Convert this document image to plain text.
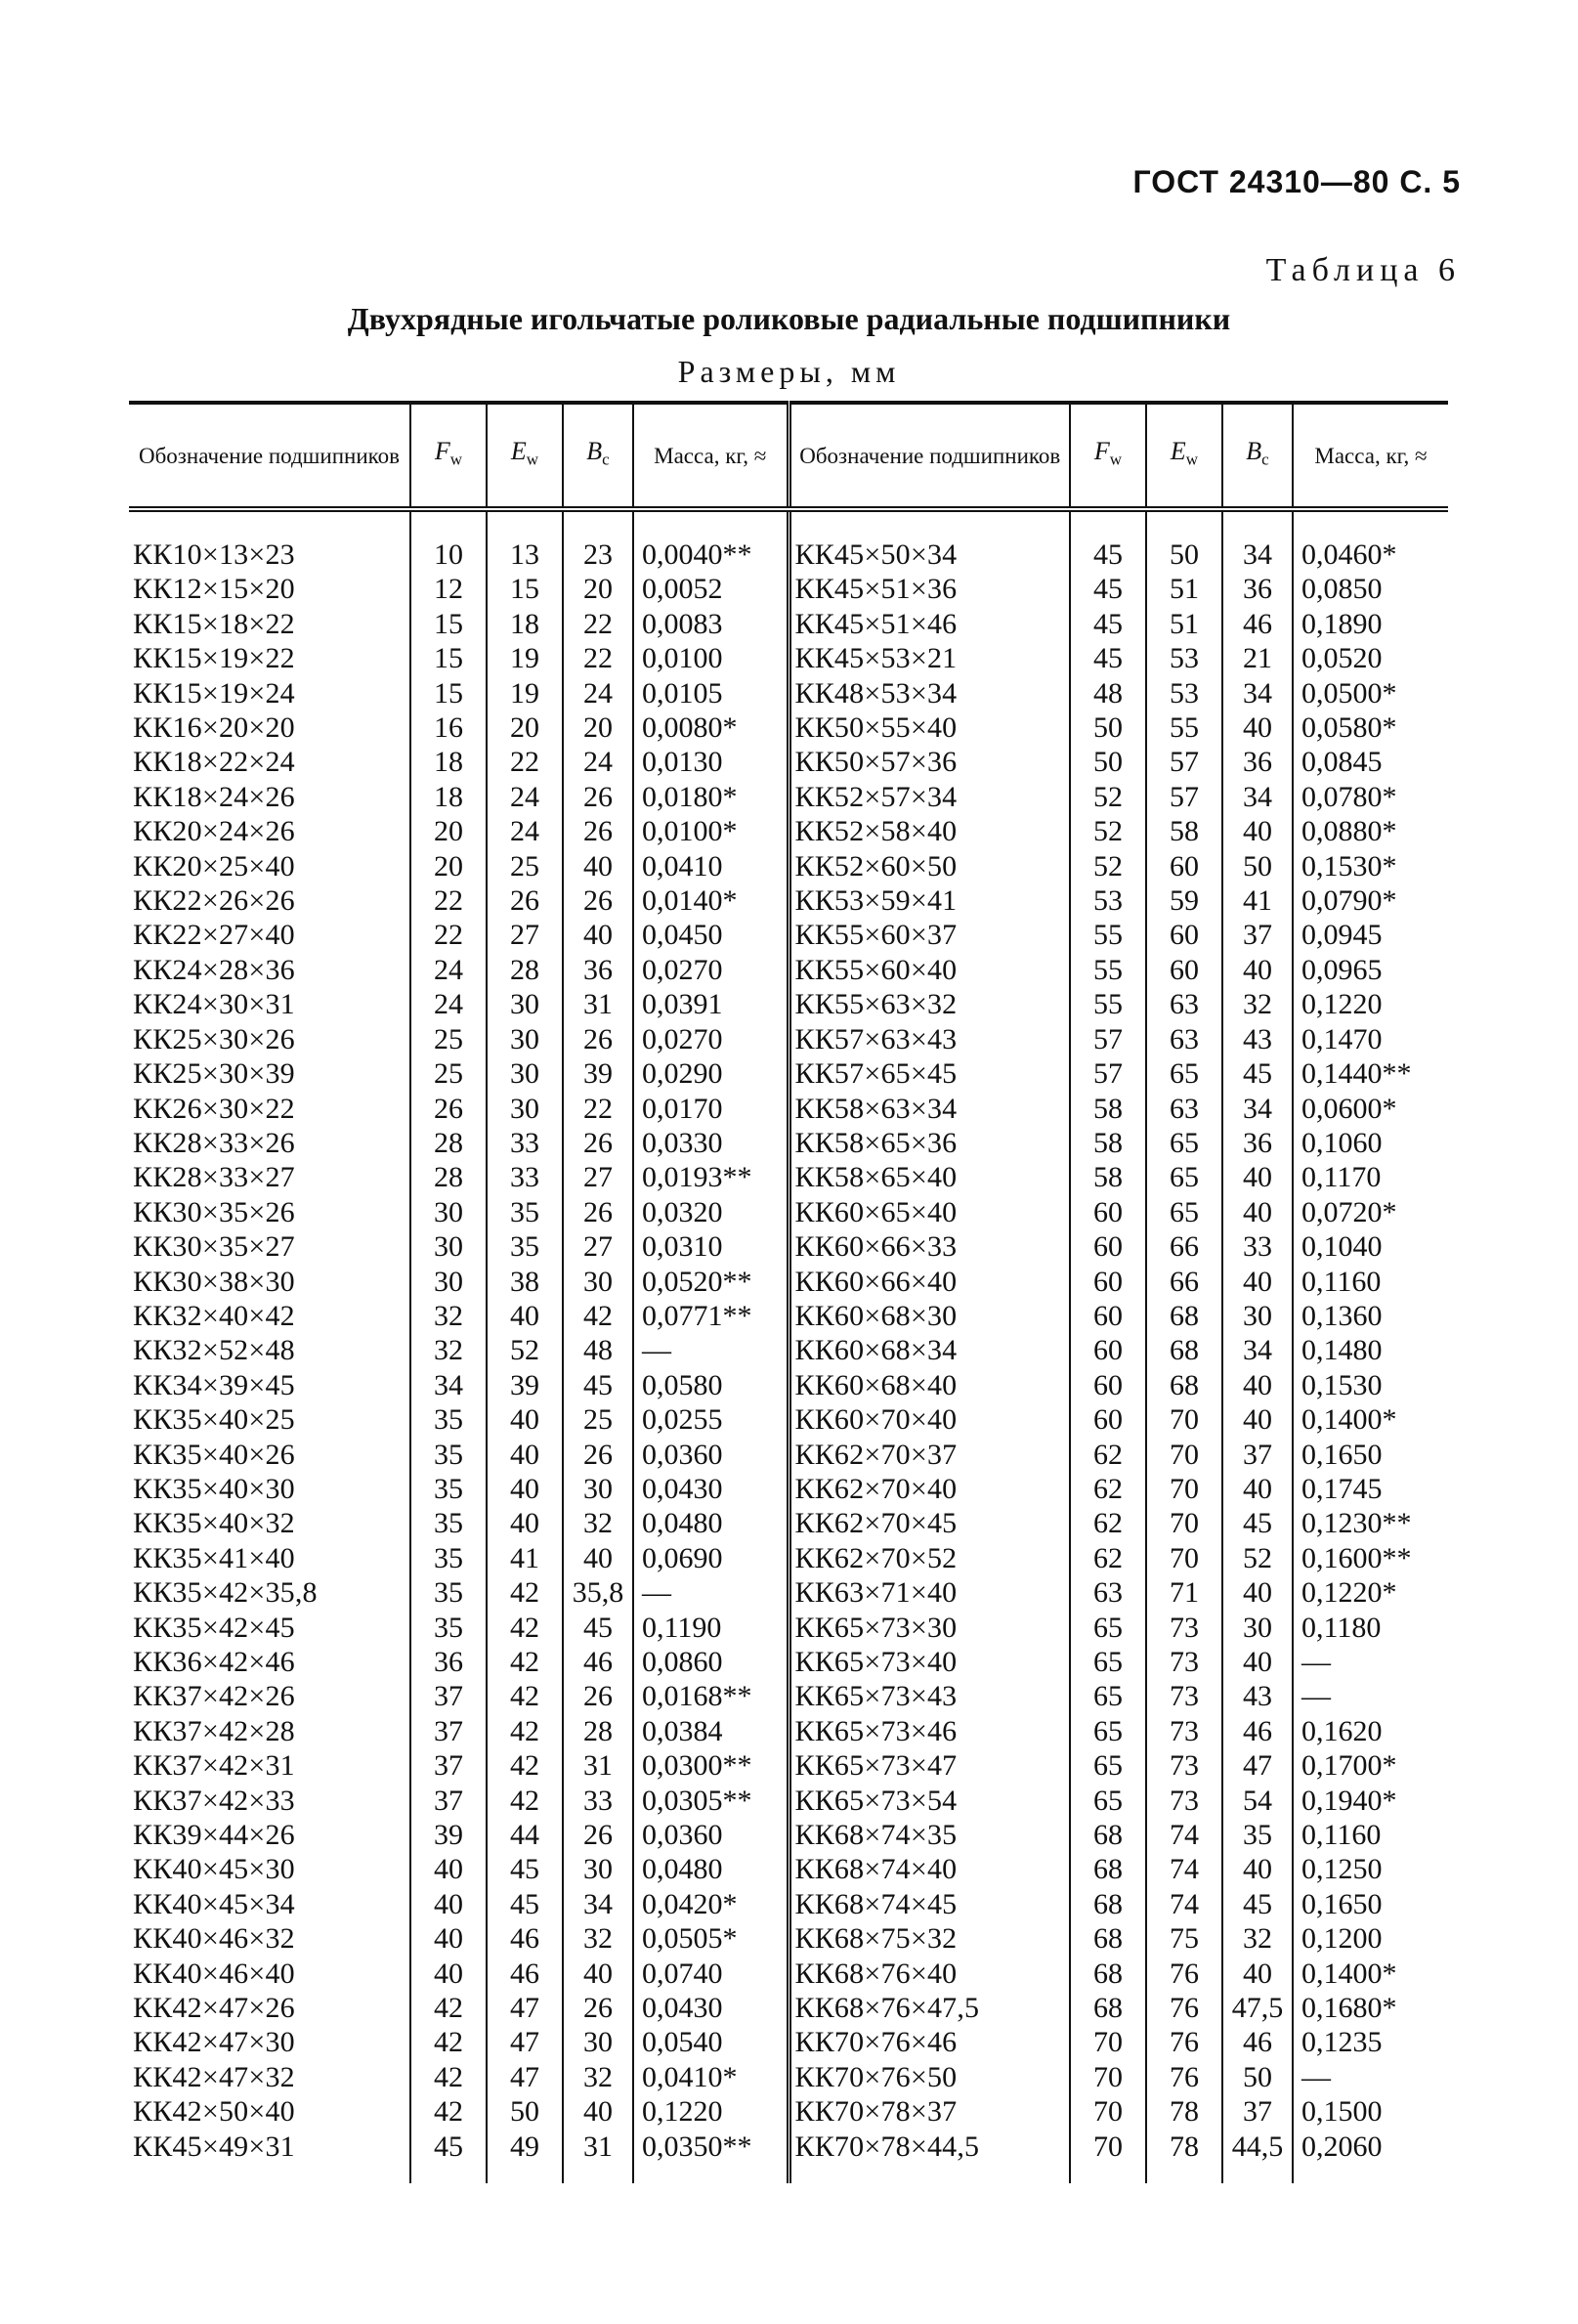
ГОСТ 24310—80 С. 5
Таблица 6
Двухрядные игольчатые роликовые радиальные подшипники
Размеры, мм
Обозначение подшипников	$F_w$	$E_w$	$B_c$	Масса, кг, ≈	Обозначение подшипников	$F_w$	$E_w$	$B_c$	Масса, кг, ≈
КК10×13×23	10	13	23	0,0040**	КК45×50×34	45	50	34	0,0460*
КК12×15×20	12	15	20	0,0052	КК45×51×36	45	51	36	0,0850
КК15×18×22	15	18	22	0,0083	КК45×51×46	45	51	46	0,1890
КК15×19×22	15	19	22	0,0100	КК45×53×21	45	53	21	0,0520
КК15×19×24	15	19	24	0,0105	КК48×53×34	48	53	34	0,0500*
КК16×20×20	16	20	20	0,0080*	КК50×55×40	50	55	40	0,0580*
КК18×22×24	18	22	24	0,0130	КК50×57×36	50	57	36	0,0845
КК18×24×26	18	24	26	0,0180*	КК52×57×34	52	57	34	0,0780*
КК20×24×26	20	24	26	0,0100*	КК52×58×40	52	58	40	0,0880*
КК20×25×40	20	25	40	0,0410	КК52×60×50	52	60	50	0,1530*
КК22×26×26	22	26	26	0,0140*	КК53×59×41	53	59	41	0,0790*
КК22×27×40	22	27	40	0,0450	КК55×60×37	55	60	37	0,0945
КК24×28×36	24	28	36	0,0270	КК55×60×40	55	60	40	0,0965
КК24×30×31	24	30	31	0,0391	КК55×63×32	55	63	32	0,1220
КК25×30×26	25	30	26	0,0270	КК57×63×43	57	63	43	0,1470
КК25×30×39	25	30	39	0,0290	КК57×65×45	57	65	45	0,1440**
КК26×30×22	26	30	22	0,0170	КК58×63×34	58	63	34	0,0600*
КК28×33×26	28	33	26	0,0330	КК58×65×36	58	65	36	0,1060
КК28×33×27	28	33	27	0,0193**	КК58×65×40	58	65	40	0,1170
КК30×35×26	30	35	26	0,0320	КК60×65×40	60	65	40	0,0720*
КК30×35×27	30	35	27	0,0310	КК60×66×33	60	66	33	0,1040
КК30×38×30	30	38	30	0,0520**	КК60×66×40	60	66	40	0,1160
КК32×40×42	32	40	42	0,0771**	КК60×68×30	60	68	30	0,1360
КК32×52×48	32	52	48	—	КК60×68×34	60	68	34	0,1480
КК34×39×45	34	39	45	0,0580	КК60×68×40	60	68	40	0,1530
КК35×40×25	35	40	25	0,0255	КК60×70×40	60	70	40	0,1400*
КК35×40×26	35	40	26	0,0360	КК62×70×37	62	70	37	0,1650
КК35×40×30	35	40	30	0,0430	КК62×70×40	62	70	40	0,1745
КК35×40×32	35	40	32	0,0480	КК62×70×45	62	70	45	0,1230**
КК35×41×40	35	41	40	0,0690	КК62×70×52	62	70	52	0,1600**
КК35×42×35,8	35	42	35,8	—	КК63×71×40	63	71	40	0,1220*
КК35×42×45	35	42	45	0,1190	КК65×73×30	65	73	30	0,1180
КК36×42×46	36	42	46	0,0860	КК65×73×40	65	73	40	—
КК37×42×26	37	42	26	0,0168**	КК65×73×43	65	73	43	—
КК37×42×28	37	42	28	0,0384	КК65×73×46	65	73	46	0,1620
КК37×42×31	37	42	31	0,0300**	КК65×73×47	65	73	47	0,1700*
КК37×42×33	37	42	33	0,0305**	КК65×73×54	65	73	54	0,1940*
КК39×44×26	39	44	26	0,0360	КК68×74×35	68	74	35	0,1160
КК40×45×30	40	45	30	0,0480	КК68×74×40	68	74	40	0,1250
КК40×45×34	40	45	34	0,0420*	КК68×74×45	68	74	45	0,1650
КК40×46×32	40	46	32	0,0505*	КК68×75×32	68	75	32	0,1200
КК40×46×40	40	46	40	0,0740	КК68×76×40	68	76	40	0,1400*
КК42×47×26	42	47	26	0,0430	КК68×76×47,5	68	76	47,5	0,1680*
КК42×47×30	42	47	30	0,0540	КК70×76×46	70	76	46	0,1235
КК42×47×32	42	47	32	0,0410*	КК70×76×50	70	76	50	—
КК42×50×40	42	50	40	0,1220	КК70×78×37	70	78	37	0,1500
КК45×49×31	45	49	31	0,0350**	КК70×78×44,5	70	78	44,5	0,2060
